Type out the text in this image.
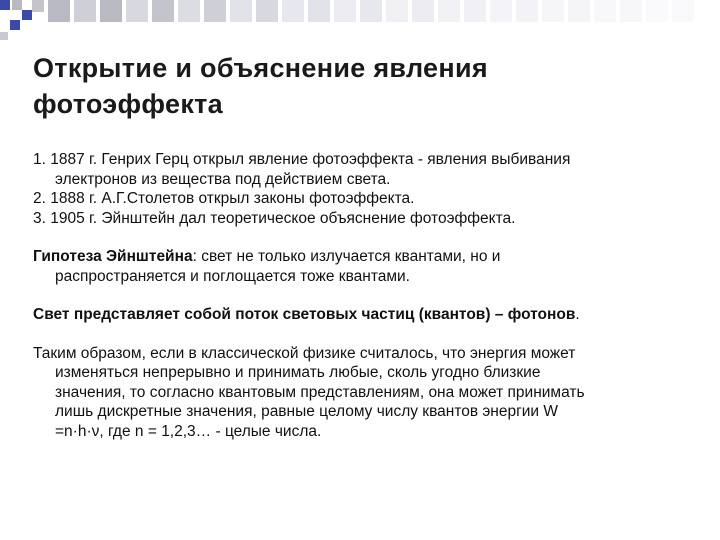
Открытие и объяснение явления
фотоэффекта

1. 1887 г. Генрих Герц открыл явление фотоэффекта - явления выбивания

электронов из вещества под действием света.

2. 1888 г. А.Г.Столетов открыл законы фотоэффекта.

3. 1905 г. Эйнштейн дал теоретическое объяснение фотоэффекта.

Гипотеза Эйнштейна: свет не только излучается квантами, но и

распространяется и поглощается тоже квантами.

Свет представляет собой поток световых частиц (квантов) – фотонов.

Таким образом, если в классической физике считалось, что энергия может

изменяться непрерывно и принимать любые, сколь угодно близкие

значения, то согласно квантовым представлениям, она может принимать

лишь дискретные значения, равные целому числу квантов энергии W

=n·h·ν, где n = 1,2,3… - целые числа.
